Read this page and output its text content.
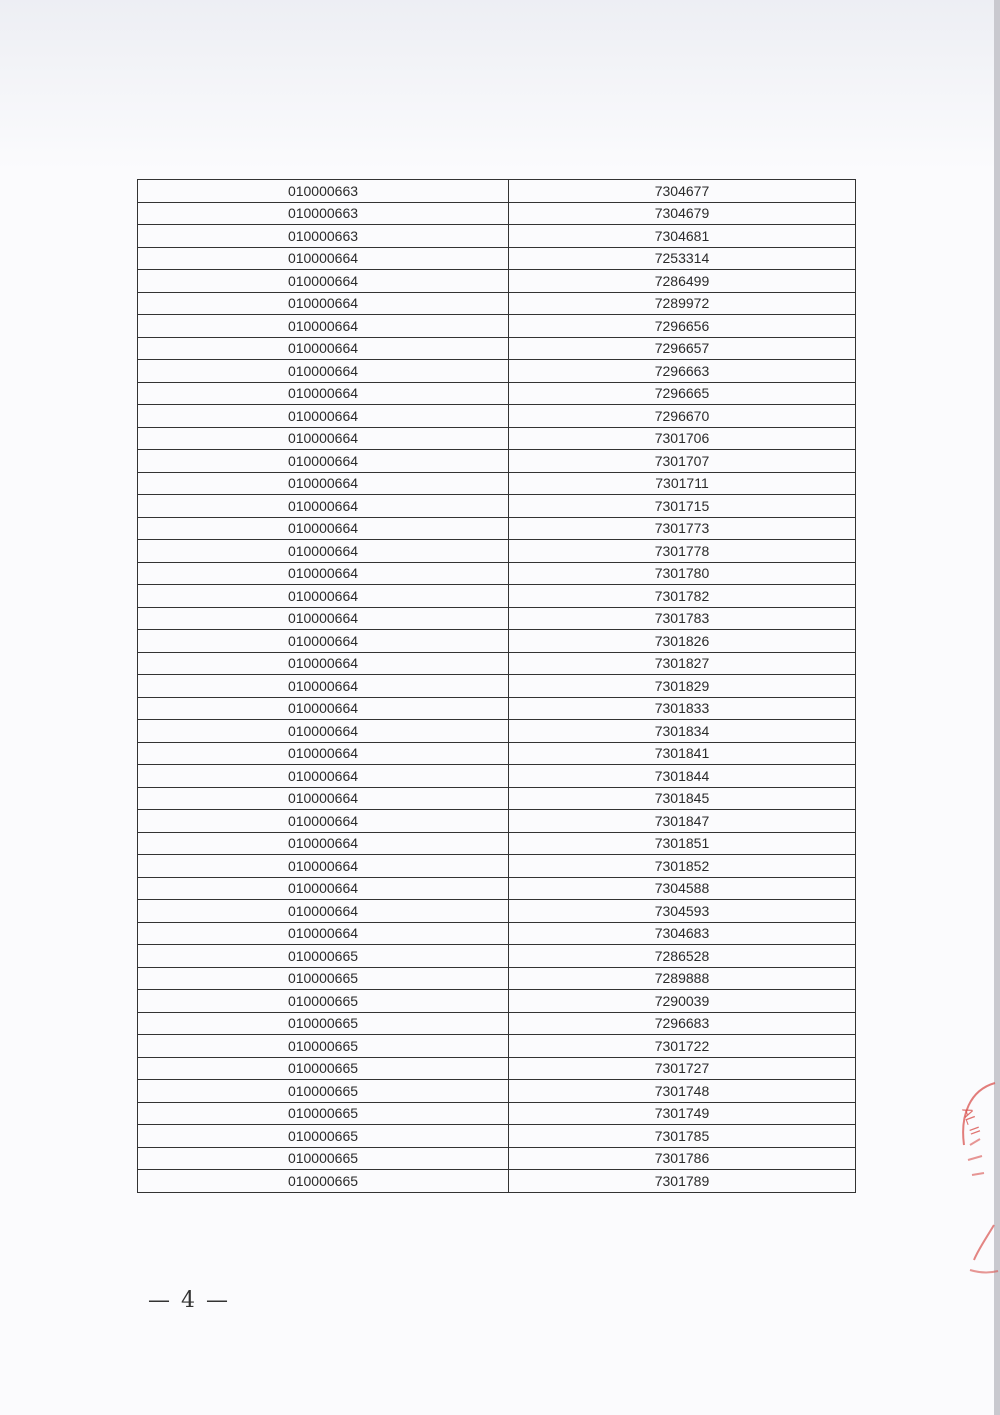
010000663	7304677
010000663	7304679
010000663	7304681
010000664	7253314
010000664	7286499
010000664	7289972
010000664	7296656
010000664	7296657
010000664	7296663
010000664	7296665
010000664	7296670
010000664	7301706
010000664	7301707
010000664	7301711
010000664	7301715
010000664	7301773
010000664	7301778
010000664	7301780
010000664	7301782
010000664	7301783
010000664	7301826
010000664	7301827
010000664	7301829
010000664	7301833
010000664	7301834
010000664	7301841
010000664	7301844
010000664	7301845
010000664	7301847
010000664	7301851
010000664	7301852
010000664	7304588
010000664	7304593
010000664	7304683
010000665	7286528
010000665	7289888
010000665	7290039
010000665	7296683
010000665	7301722
010000665	7301727
010000665	7301748
010000665	7301749
010000665	7301785
010000665	7301786
010000665	7301789
— 4 —
AL II
